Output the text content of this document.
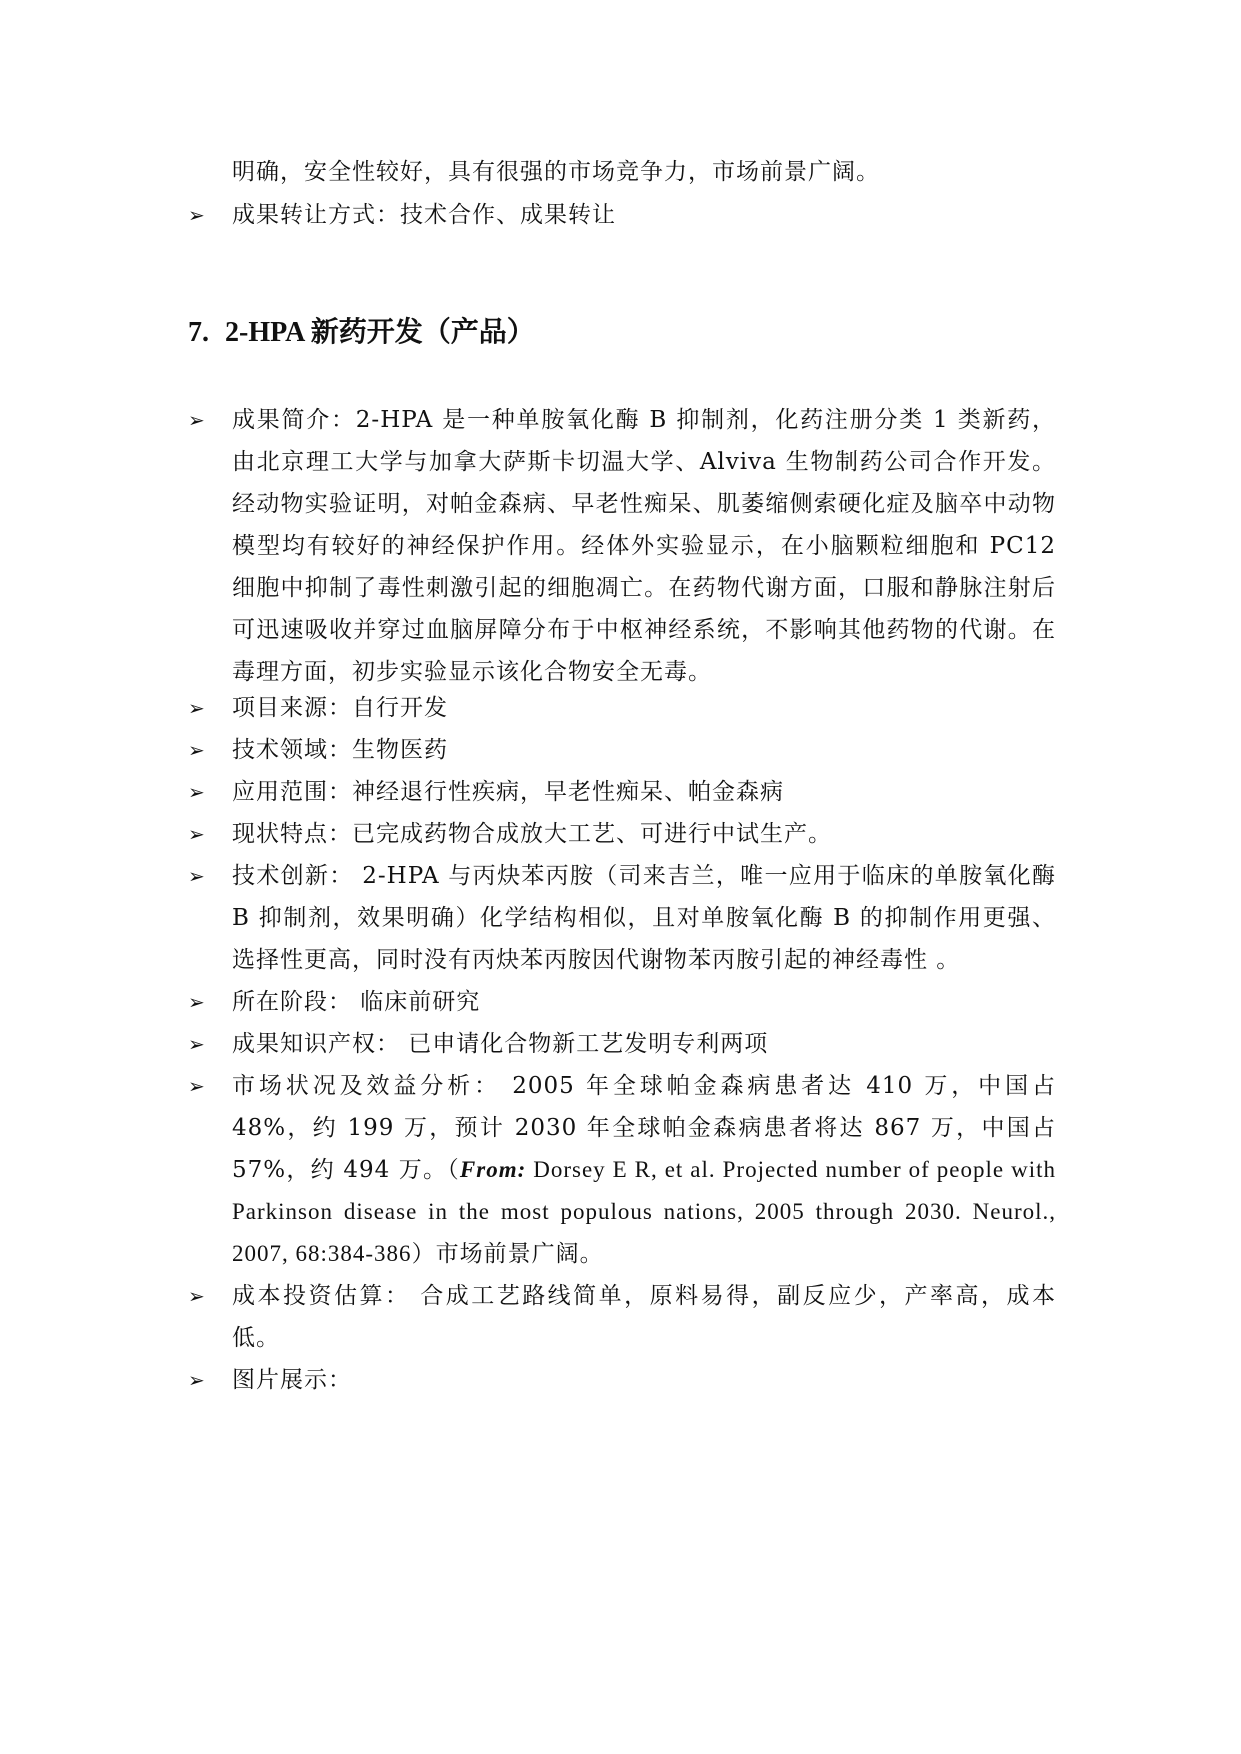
明确，安全性较好，具有很强的市场竞争力，市场前景广阔。

➢	成果转让方式：技术合作、成果转让

7. 2-HPA 新药开发（产品）
➢	成果简介：2-HPA 是一种单胺氧化酶 B 抑制剂，化药注册分类 1 类新药，由北京理工大学与加拿大萨斯卡切温大学、Alviva 生物制药公司合作开发。经动物实验证明，对帕金森病、早老性痴呆、肌萎缩侧索硬化症及脑卒中动物模型均有较好的神经保护作用。经体外实验显示，在小脑颗粒细胞和 PC12 细胞中抑制了毒性刺激引起的细胞凋亡。在药物代谢方面，口服和静脉注射后可迅速吸收并穿过血脑屏障分布于中枢神经系统，不影响其他药物的代谢。在毒理方面，初步实验显示该化合物安全无毒。

➢	项目来源：自行开发

➢	技术领域：生物医药

➢	应用范围：神经退行性疾病，早老性痴呆、帕金森病

➢	现状特点：已完成药物合成放大工艺、可进行中试生产。

➢	技术创新： 2-HPA 与丙炔苯丙胺（司来吉兰，唯一应用于临床的单胺氧化酶 B 抑制剂，效果明确）化学结构相似，且对单胺氧化酶 B 的抑制作用更强、选择性更高，同时没有丙炔苯丙胺因代谢物苯丙胺引起的神经毒性 。

➢	所在阶段： 临床前研究

➢	成果知识产权： 已申请化合物新工艺发明专利两项

➢	市场状况及效益分析： 2005 年全球帕金森病患者达 410 万，中国占 48%，约 199 万，预计 2030 年全球帕金森病患者将达 867 万，中国占 57%，约 494 万。（From: Dorsey E R, et al. Projected number of people with Parkinson disease in the most populous nations, 2005 through 2030. Neurol., 2007, 68:384-386）市场前景广阔。

➢	成本投资估算： 合成工艺路线简单，原料易得，副反应少，产率高，成本低。

➢	图片展示：
